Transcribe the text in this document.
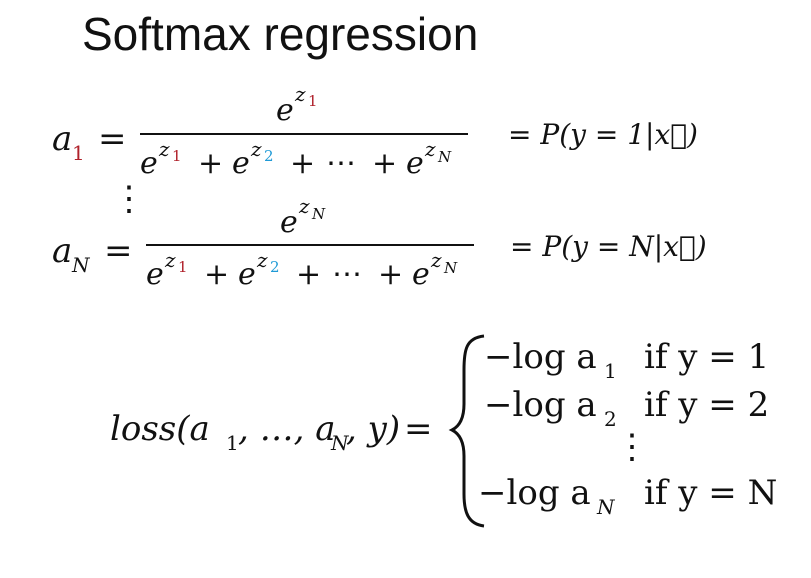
Softmax regression
a 1 =
e z 1
e z 1 + e z 2 + ⋯ + e z N
= P(y = 1|x⃗)
⋮
a N =
e z N
e z 1 + e z 2 + ⋯ + e z N
= P(y = N|x⃗)
loss(a 1 , …, a
N
, y) =
−log a 1 if y = 1
−log a 2 if y = 2
⋮
−log a N if y = N
